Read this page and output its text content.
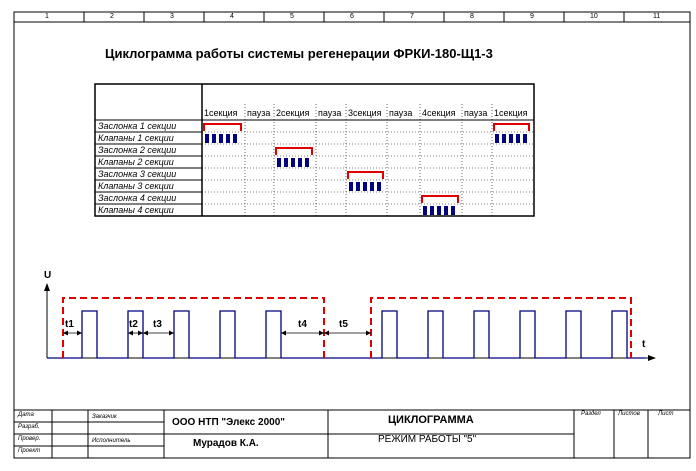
1	2	3	4	5	6	7	8	9	10	11
Циклограмма работы системы регенерации ФРКИ-180-Щ1-3
1секция пауза 2секция пауза 3секция пауза 4секция пауза 1секция
Заслонка 1 секции
Клапаны 1 секции
Заслонка 2 секции
Клапаны 2 секции
Заслонка 3 секции
Клапаны 3 секции
Заслонка 4 секции
Клапаны 4 секции
U
t
t1	t2 t3	t4	t5
Дата
Разраб.
Провер.
Проект
Заказчик
Исполнитель
ООО НТП "Элекс 2000"
Мурадов К.А.
ЦИКЛОГРАММА
РЕЖИМ РАБОТЫ "5"
Раздел	Листов	Лист
